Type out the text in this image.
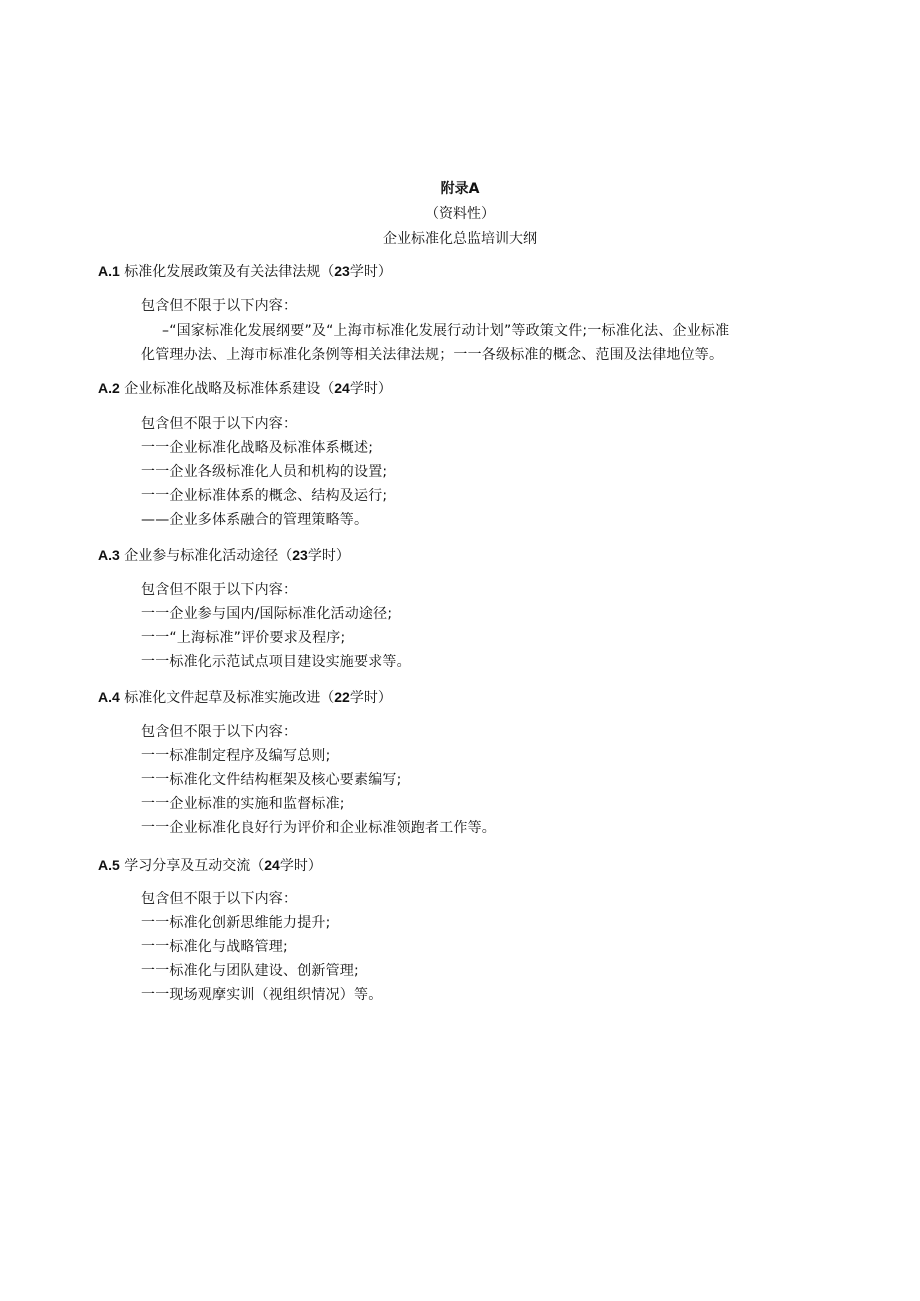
附录A
（资料性）
企业标准化总监培训大纲
A.1 标准化发展政策及有关法律法规（23学时）
包含但不限于以下内容：
–“国家标准化发展纲要”及“上海市标准化发展行动计划”等政策文件;一标准化法、企业标准
化管理办法、上海市标准化条例等相关法律法规；一一各级标准的概念、范围及法律地位等。
A.2 企业标准化战略及标准体系建设（24学时）
包含但不限于以下内容：
一一企业标准化战略及标准体系概述;
一一企业各级标准化人员和机构的设置;
一一企业标准体系的概念、结构及运行;
——企业多体系融合的管理策略等。
A.3 企业参与标准化活动途径（23学时）
包含但不限于以下内容：
一一企业参与国内/国际标准化活动途径;
一一“上海标准”评价要求及程序;
一一标准化示范试点项目建设实施要求等。
A.4 标准化文件起草及标准实施改进（22学时）
包含但不限于以下内容：
一一标准制定程序及编写总则;
一一标准化文件结构框架及核心要素编写;
一一企业标准的实施和监督标准;
一一企业标准化良好行为评价和企业标准领跑者工作等。
A.5 学习分享及互动交流（24学时）
包含但不限于以下内容：
一一标准化创新思维能力提升;
一一标准化与战略管理;
一一标准化与团队建设、创新管理;
一一现场观摩实训（视组织情况）等。
